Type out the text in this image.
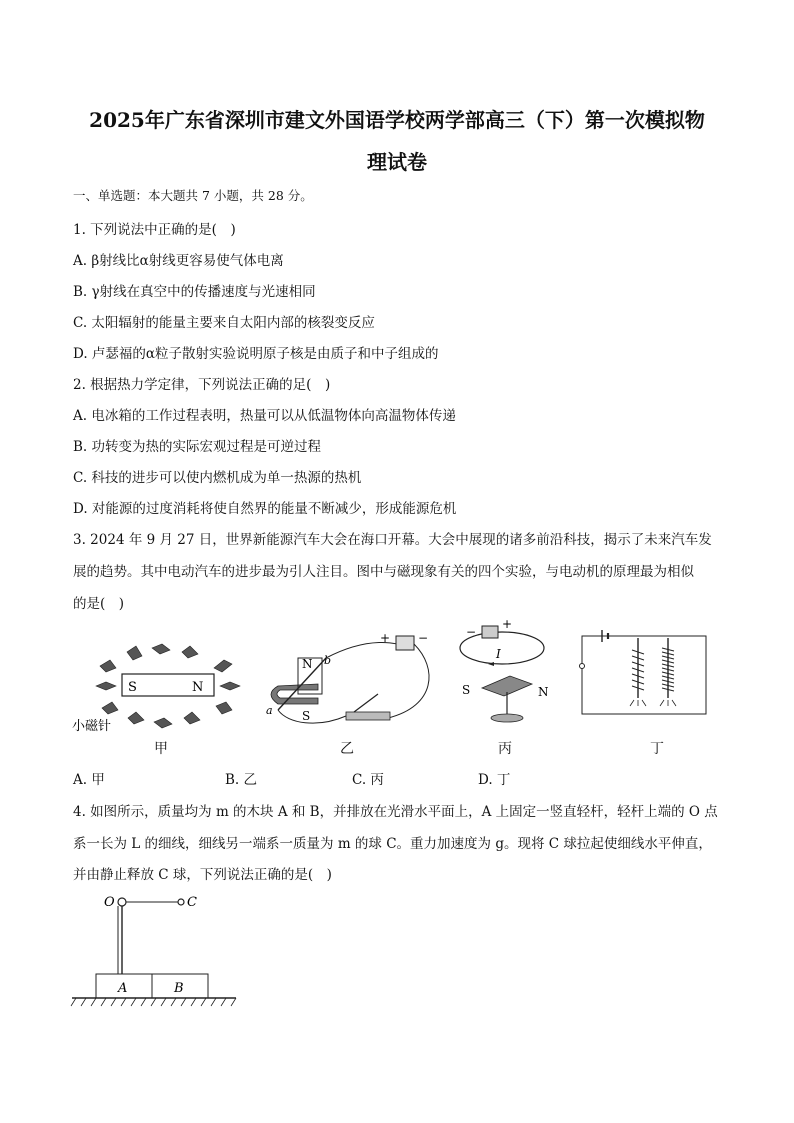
2025年广东省深圳市建文外国语学校两学部高三（下）第一次模拟物
理试卷
一、单选题：本大题共 7 小题，共 28 分。
1. 下列说法中正确的是(　)
A. β射线比α射线更容易使气体电离
B. γ射线在真空中的传播速度与光速相同
C. 太阳辐射的能量主要来自太阳内部的核裂变反应
D. 卢瑟福的α粒子散射实验说明原子核是由质子和中子组成的
2. 根据热力学定律，下列说法正确的足(　)
A. 电冰箱的工作过程表明，热量可以从低温物体向高温物体传递
B. 功转变为热的实际宏观过程是可逆过程
C. 科技的进步可以使内燃机成为单一热源的热机
D. 对能源的过度消耗将使自然界的能量不断减少，形成能源危机
3. 2024 年 9 月 27 日，世界新能源汽车大会在海口开幕。大会中展现的诸多前沿科技，揭示了未来汽车发
展的趋势。其中电动汽车的进步最为引人注目。图中与磁现象有关的四个实验，与电动机的原理最为相似
的是(　)
S	N
小磁针
甲
N
S
a
b
+ −
乙
−
+
I
S	N
丙	丁
A. 甲	B. 乙	C. 丙	D. 丁
4. 如图所示，质量均为 m 的木块 A 和 B，并排放在光滑水平面上，A 上固定一竖直轻杆，轻杆上端的 O 点
系一长为 L 的细线，细线另一端系一质量为 m 的球 C。重力加速度为 g。现将 C 球拉起使细线水平伸直，
并由静止释放 C 球，下列说法正确的是(　)
O	C
A	B
